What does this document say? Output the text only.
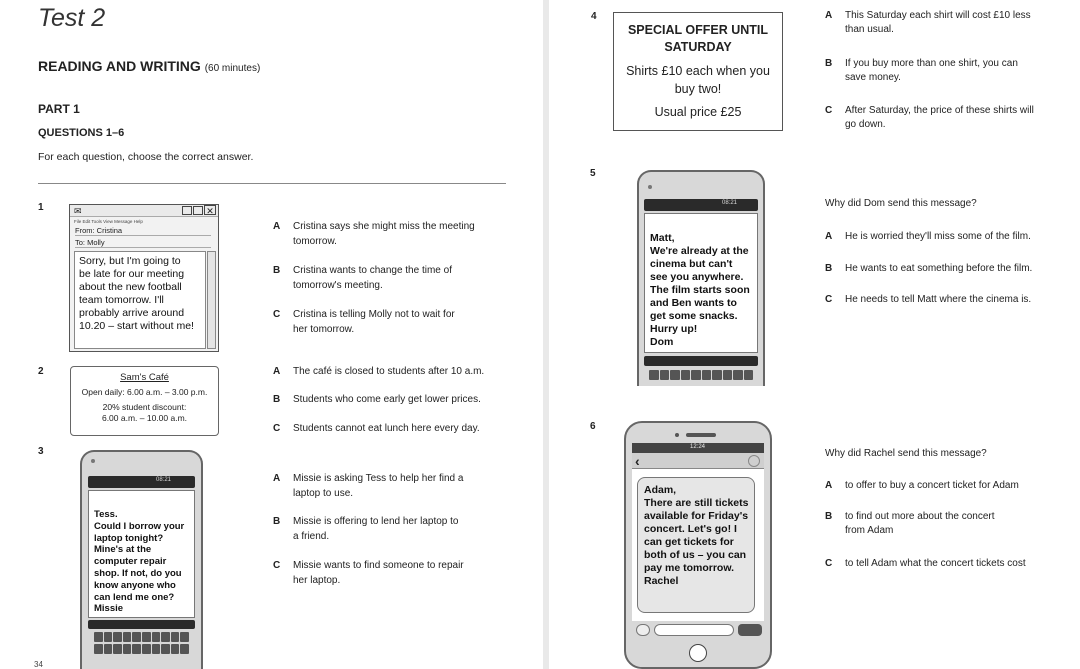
Test 2
READING AND WRITING (60 minutes)
PART 1
QUESTIONS 1–6
For each question, choose the correct answer.
1	✉	✕
File Edit Tools View Message Help
From: Cristina
To: Molly
Sorry, but I'm going to
be late for our meeting
about the new football
team tomorrow. I'll
probably arrive around
10.20 – start without me!
A Cristina says she might miss the meeting
tomorrow.
B Cristina wants to change the time of
tomorrow's meeting.
C Cristina is telling Molly not to wait for
her tomorrow.
2
Sam's Café
Open daily: 6.00 a.m. – 3.00 p.m.
20% student discount:
6.00 a.m. – 10.00 a.m.
A The café is closed to students after 10 a.m.
B Students who come early get lower prices.
C Students cannot eat lunch here every day.
3
08:21
Tess.
Could I borrow your
laptop tonight?
Mine's at the
computer repair
shop. If not, do you
know anyone who
can lend me one?
Missie
A Missie is asking Tess to help her find a
laptop to use.
B Missie is offering to lend her laptop to
a friend.
C Missie wants to find someone to repair
her laptop.
34
4
SPECIAL OFFER UNTIL
SATURDAY
Shirts £10 each when you
buy two!
Usual price £25
A This Saturday each shirt will cost £10 less
than usual.
B If you buy more than one shirt, you can
save money.
C After Saturday, the price of these shirts will
go down.
5
08:21
Matt,
We're already at the
cinema but can't
see you anywhere.
The film starts soon
and Ben wants to
get some snacks.
Hurry up!
Dom
Why did Dom send this message?
A He is worried they'll miss some of the film.
B He wants to eat something before the film.
C He needs to tell Matt where the cinema is.
6
12:24
‹
Adam,
There are still tickets
available for Friday's
concert. Let's go! I
can get tickets for
both of us – you can
pay me tomorrow.
Rachel
Why did Rachel send this message?
A to offer to buy a concert ticket for Adam
B to find out more about the concert
from Adam
C to tell Adam what the concert tickets cost
